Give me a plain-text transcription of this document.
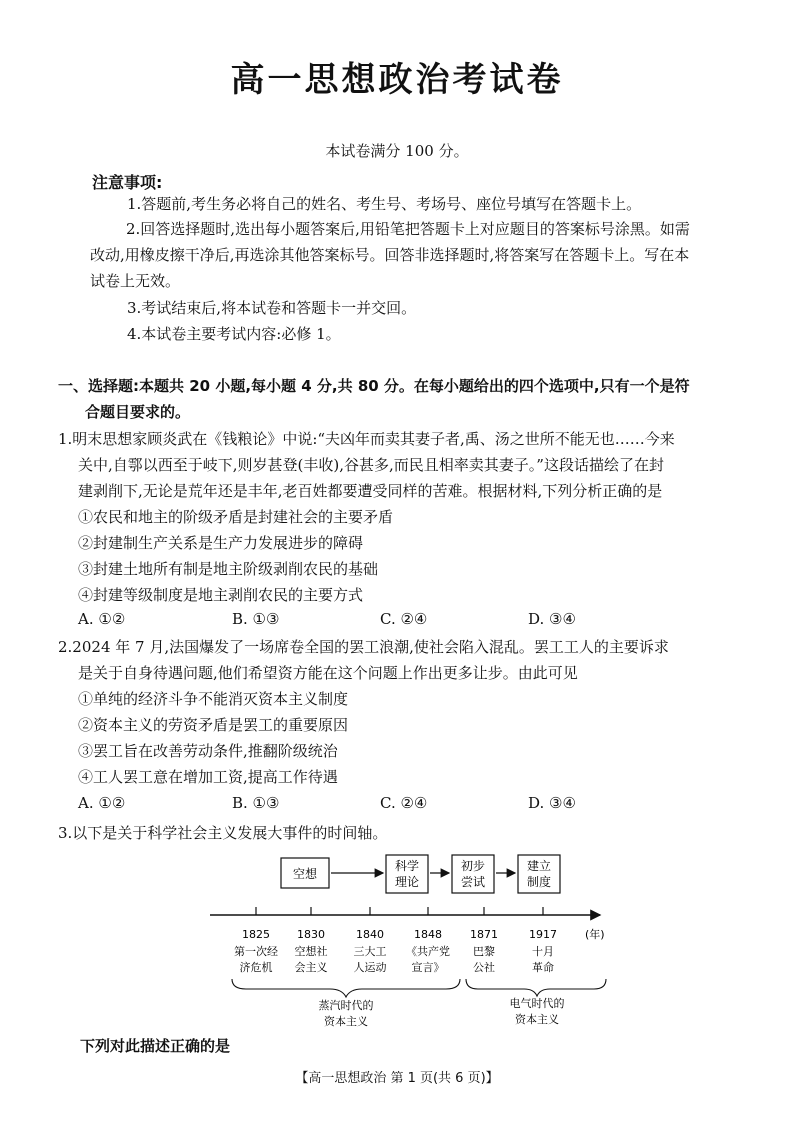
高一思想政治考试卷
本试卷满分 100 分。
注意事项:
1.答题前,考生务必将自己的姓名、考生号、考场号、座位号填写在答题卡上。
2.回答选择题时,选出每小题答案后,用铅笔把答题卡上对应题目的答案标号涂黑。如需改动,用橡皮擦干净后,再选涂其他答案标号。回答非选择题时,将答案写在答题卡上。写在本试卷上无效。
3.考试结束后,将本试卷和答题卡一并交回。
4.本试卷主要考试内容:必修 1。
一、选择题:本题共 20 小题,每小题 4 分,共 80 分。在每小题给出的四个选项中,只有一个是符
合题目要求的。
1.明末思想家顾炎武在《钱粮论》中说:“夫凶年而卖其妻子者,禹、汤之世所不能无也……今来
关中,自鄠以西至于岐下,则岁甚登(丰收),谷甚多,而民且相率卖其妻子。”这段话描绘了在封
建剥削下,无论是荒年还是丰年,老百姓都要遭受同样的苦难。根据材料,下列分析正确的是
①农民和地主的阶级矛盾是封建社会的主要矛盾
②封建制生产关系是生产力发展进步的障碍
③封建土地所有制是地主阶级剥削农民的基础
④封建等级制度是地主剥削农民的主要方式
A. ①②	B. ①③	C. ②④	D. ③④
2.2024 年 7 月,法国爆发了一场席卷全国的罢工浪潮,使社会陷入混乱。罢工工人的主要诉求
是关于自身待遇问题,他们希望资方能在这个问题上作出更多让步。由此可见
①单纯的经济斗争不能消灭资本主义制度
②资本主义的劳资矛盾是罢工的重要原因
③罢工旨在改善劳动条件,推翻阶级统治
④工人罢工意在增加工资,提高工作待遇
A. ①②	B. ①③	C. ②④	D. ③④
3.以下是关于科学社会主义发展大事件的时间轴。
空想
科学
理论
初步
尝试
建立
制度
(年)
1825
第一次经
济危机
1830
空想社
会主义
1840
三大工
人运动
1848
《共产党
宣言》
1871
巴黎
公社
1917
十月
革命
蒸汽时代的
资本主义
电气时代的
资本主义
下列对此描述正确的是
【高一思想政治 第 1 页(共 6 页)】
